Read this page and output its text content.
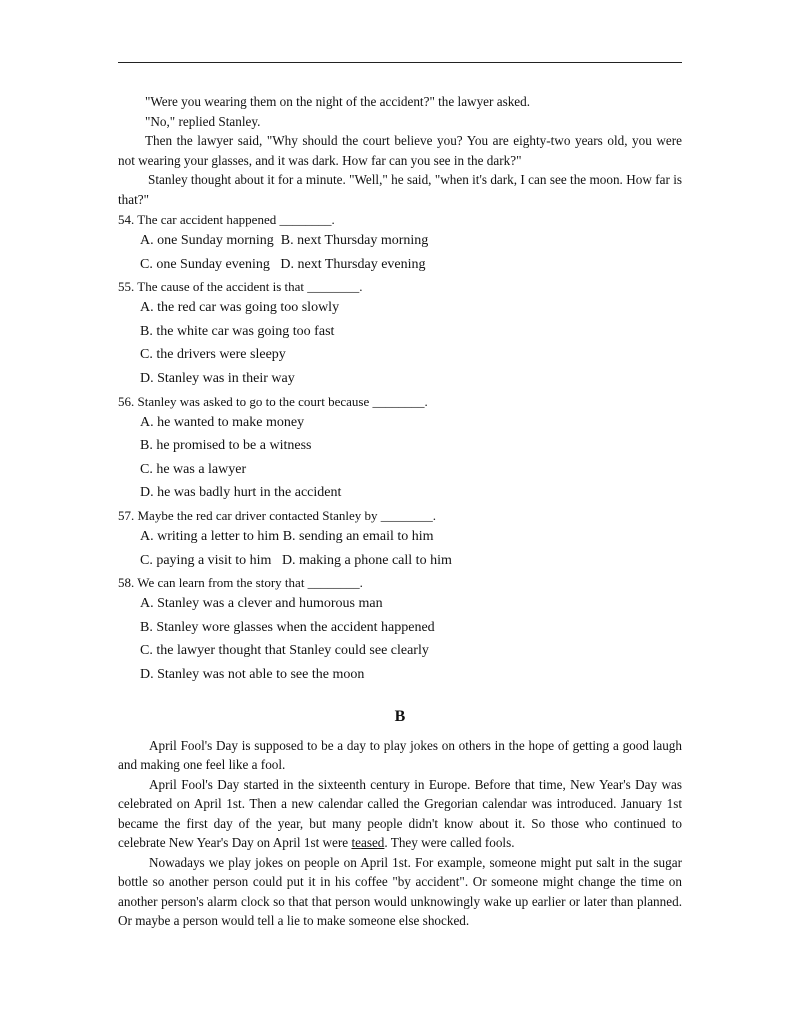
"Were you wearing them on the night of the accident?" the lawyer asked.
"No," replied Stanley.
Then the lawyer said, "Why should the court believe you? You are eighty-two years old, you were not wearing your glasses, and it was dark. How far can you see in the dark?"
Stanley thought about it for a minute. "Well," he said, "when it's dark, I can see the moon. How far is that?"
54. The car accident happened ________.
A. one Sunday morning  B. next Thursday morning
C. one Sunday evening   D. next Thursday evening
55. The cause of the accident is that ________.
A. the red car was going too slowly
B. the white car was going too fast
C. the drivers were sleepy
D. Stanley was in their way
56. Stanley was asked to go to the court because ________.
A. he wanted to make money
B. he promised to be a witness
C. he was a lawyer
D. he was badly hurt in the accident
57. Maybe the red car driver contacted Stanley by ________.
A. writing a letter to him B. sending an email to him
C. paying a visit to him   D. making a phone call to him
58. We can learn from the story that ________.
A. Stanley was a clever and humorous man
B. Stanley wore glasses when the accident happened
C. the lawyer thought that Stanley could see clearly
D. Stanley was not able to see the moon
B
April Fool's Day is supposed to be a day to play jokes on others in the hope of getting a good laugh and making one feel like a fool.
April Fool's Day started in the sixteenth century in Europe. Before that time, New Year's Day was celebrated on April 1st. Then a new calendar called the Gregorian calendar was introduced. January 1st became the first day of the year, but many people didn't know about it. So those who continued to celebrate New Year's Day on April 1st were teased. They were called fools.
Nowadays we play jokes on people on April 1st. For example, someone might put salt in the sugar bottle so another person could put it in his coffee "by accident". Or someone might change the time on another person's alarm clock so that that person would unknowingly wake up earlier or later than planned. Or maybe a person would tell a lie to make someone else shocked.
